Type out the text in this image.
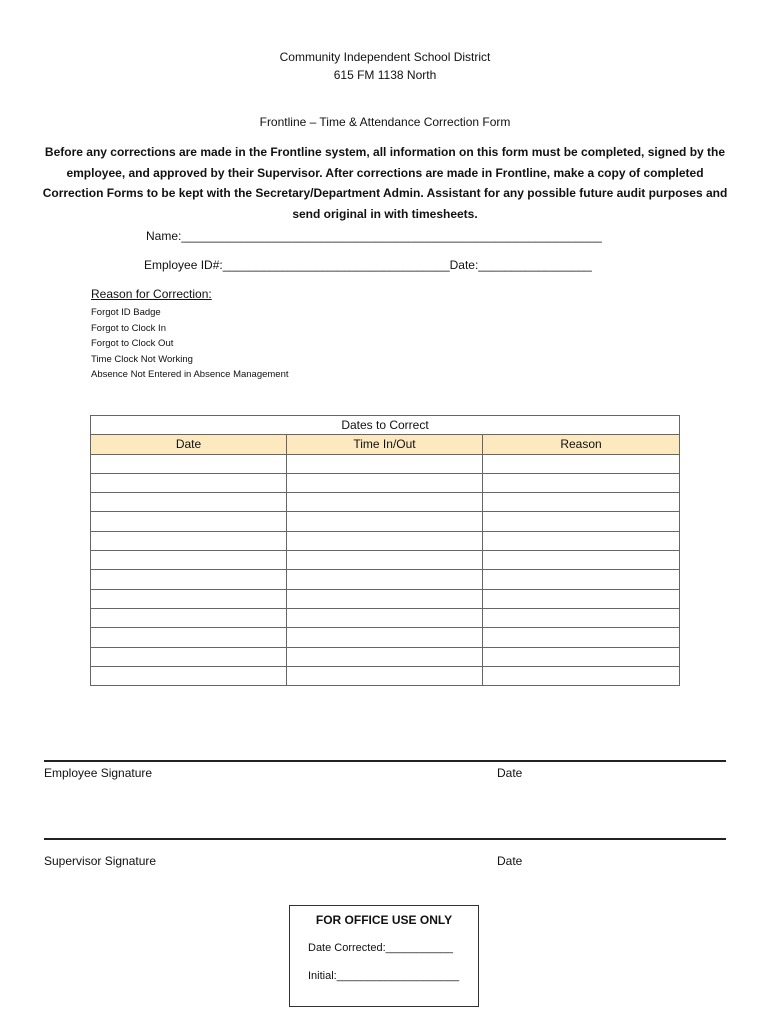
Community Independent School District
615 FM 1138 North
Frontline – Time & Attendance Correction Form
Before any corrections are made in the Frontline system, all information on this form must be completed, signed by the employee, and approved by their Supervisor. After corrections are made in Frontline, make a copy of completed Correction Forms to be kept with the Secretary/Department Admin. Assistant for any possible future audit purposes and send original in with timesheets.
Name:_______________________________________________________________
Employee ID#:__________________________________Date:_________________
Reason for Correction:
Forgot ID Badge
Forgot to Clock In
Forgot to Clock Out
Time Clock Not Working
Absence Not Entered in Absence Management
Dates to Correct		
Date	Time In/Out	Reason

Employee Signature	Date
Supervisor Signature	Date
FOR OFFICE USE ONLY
Date Corrected:___________
Initial:____________________
